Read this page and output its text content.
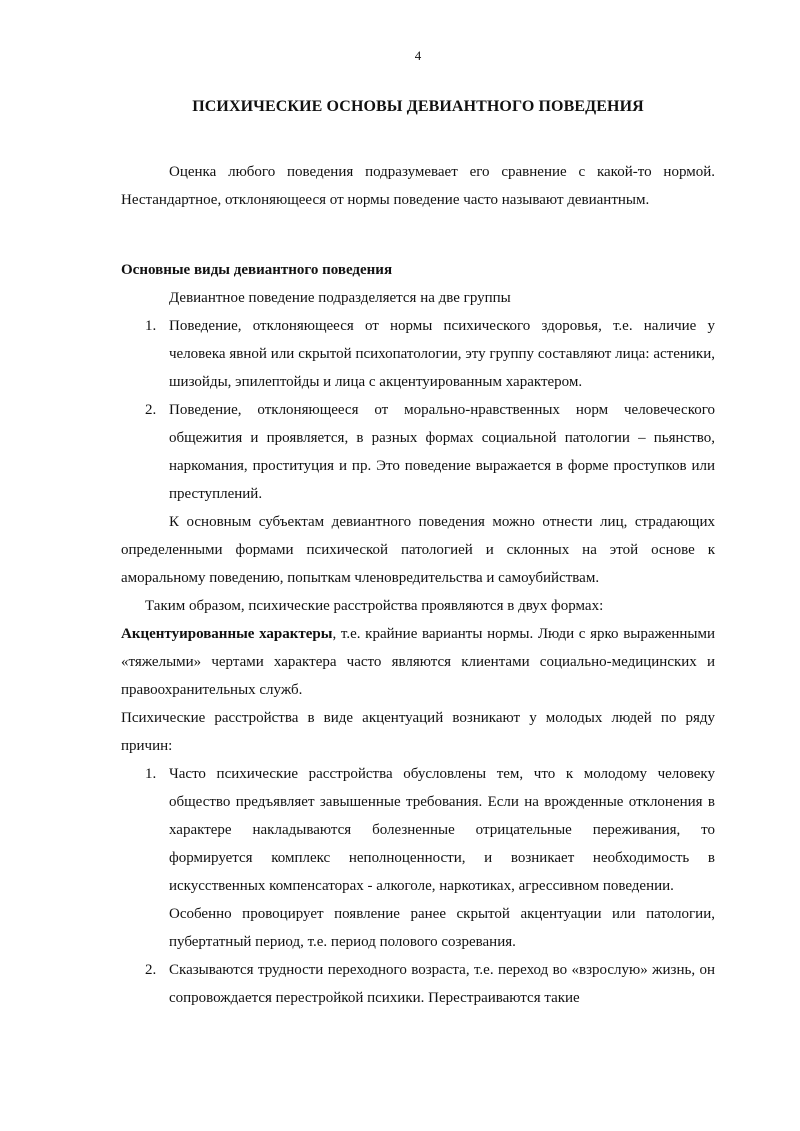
4
ПСИХИЧЕСКИЕ ОСНОВЫ ДЕВИАНТНОГО ПОВЕДЕНИЯ

Оценка любого поведения подразумевает его сравнение с какой-то нормой. Нестандартное, отклоняющееся от нормы поведение часто называют девиантным.

Основные виды девиантного поведения

Девиантное поведение подразделяется на две группы

1. Поведение, отклоняющееся от нормы психического здоровья, т.е. наличие у человека явной или скрытой психопатологии, эту группу составляют лица: астеники, шизойды, эпилептойды и лица с акцентуированным характером.

2. Поведение, отклоняющееся от морально-нравственных норм человеческого общежития и проявляется, в разных формах социальной патологии – пьянство, наркомания, проституция и пр. Это поведение выражается в форме проступков или преступлений.

К основным субъектам девиантного поведения можно отнести лиц, страдающих определенными формами психической патологией и склонных на этой основе к аморальному поведению, попыткам членовредительства и самоубийствам.

Таким образом, психические расстройства проявляются в двух формах:

Акцентуированные характеры, т.е. крайние варианты нормы. Люди с ярко выраженными «тяжелыми» чертами характера часто являются клиентами социально-медицинских и правоохранительных служб.

Психические расстройства в виде акцентуаций возникают у молодых людей по ряду причин:

1. Часто психические расстройства обусловлены тем, что к молодому человеку общество предъявляет завышенные требования. Если на врожденные отклонения в характере накладываются болезненные отрицательные переживания, то формируется комплекс неполноценности, и возникает необходимость в искусственных компенсаторах - алкоголе, наркотиках, агрессивном поведении.

Особенно провоцирует появление ранее скрытой акцентуации или патологии, пубертатный период, т.е. период полового созревания.

2. Сказываются трудности переходного возраста, т.е. переход во «взрослую» жизнь, он сопровождается перестройкой психики. Перестраиваются такие
